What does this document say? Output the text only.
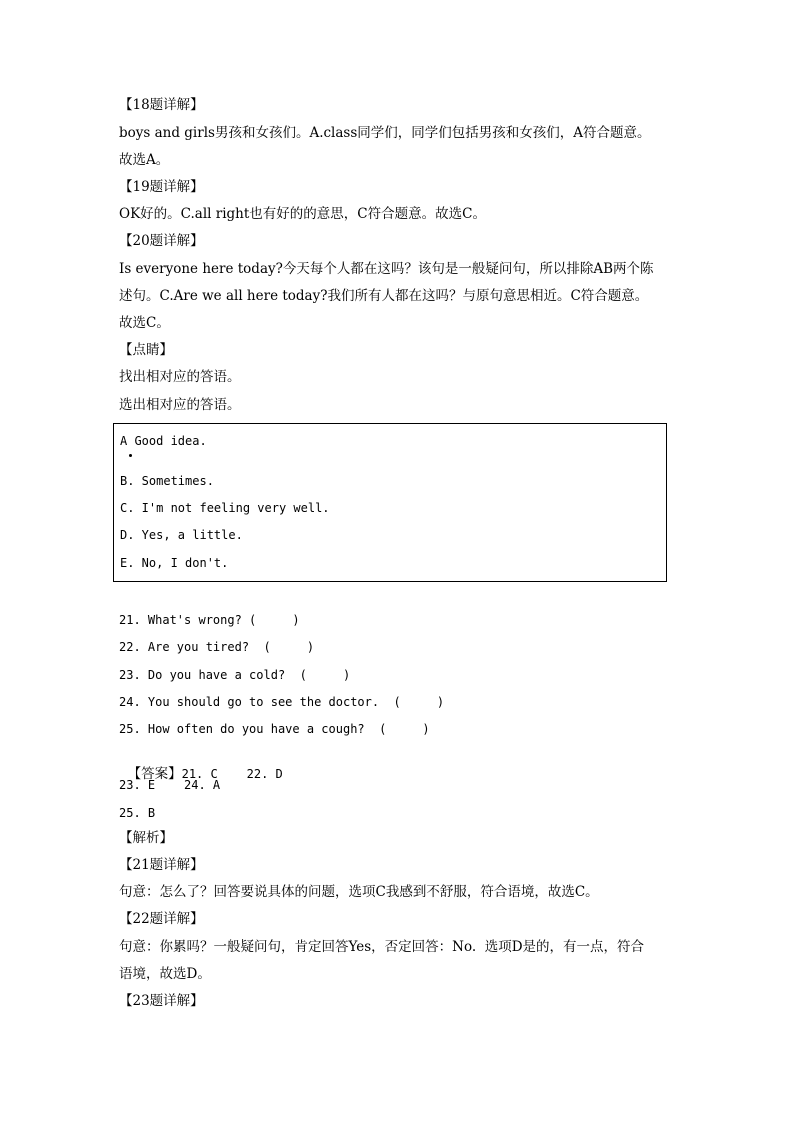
【18题详解】
boys and girls男孩和女孩们。A.class同学们，同学们包括男孩和女孩们，A符合题意。
故选A。
【19题详解】
OK好的。C.all right也有好的的意思，C符合题意。故选C。
【20题详解】
Is everyone here today?今天每个人都在这吗？该句是一般疑问句，所以排除AB两个陈
述句。C.Are we all here today?我们所有人都在这吗？与原句意思相近。C符合题意。
故选C。
【点睛】
找出相对应的答语。
选出相对应的答语。
A Good idea.
B. Sometimes.
C. I'm not feeling very well.
D. Yes, a little.
E. No, I don't.
21. What's wrong? (     )
22. Are you tired?  (     )
23. Do you have a cold?  (     )
24. You should go to see the doctor.  (     )
25. How often do you have a cough?  (     )

【答案】21. C    22. D

23. E    24. A
25. B
【解析】
【21题详解】
句意：怎么了？回答要说具体的问题，选项C我感到不舒服，符合语境，故选C。
【22题详解】
句意：你累吗？一般疑问句，肯定回答Yes，否定回答：No.  选项D是的，有一点，符合
语境，故选D。
【23题详解】
